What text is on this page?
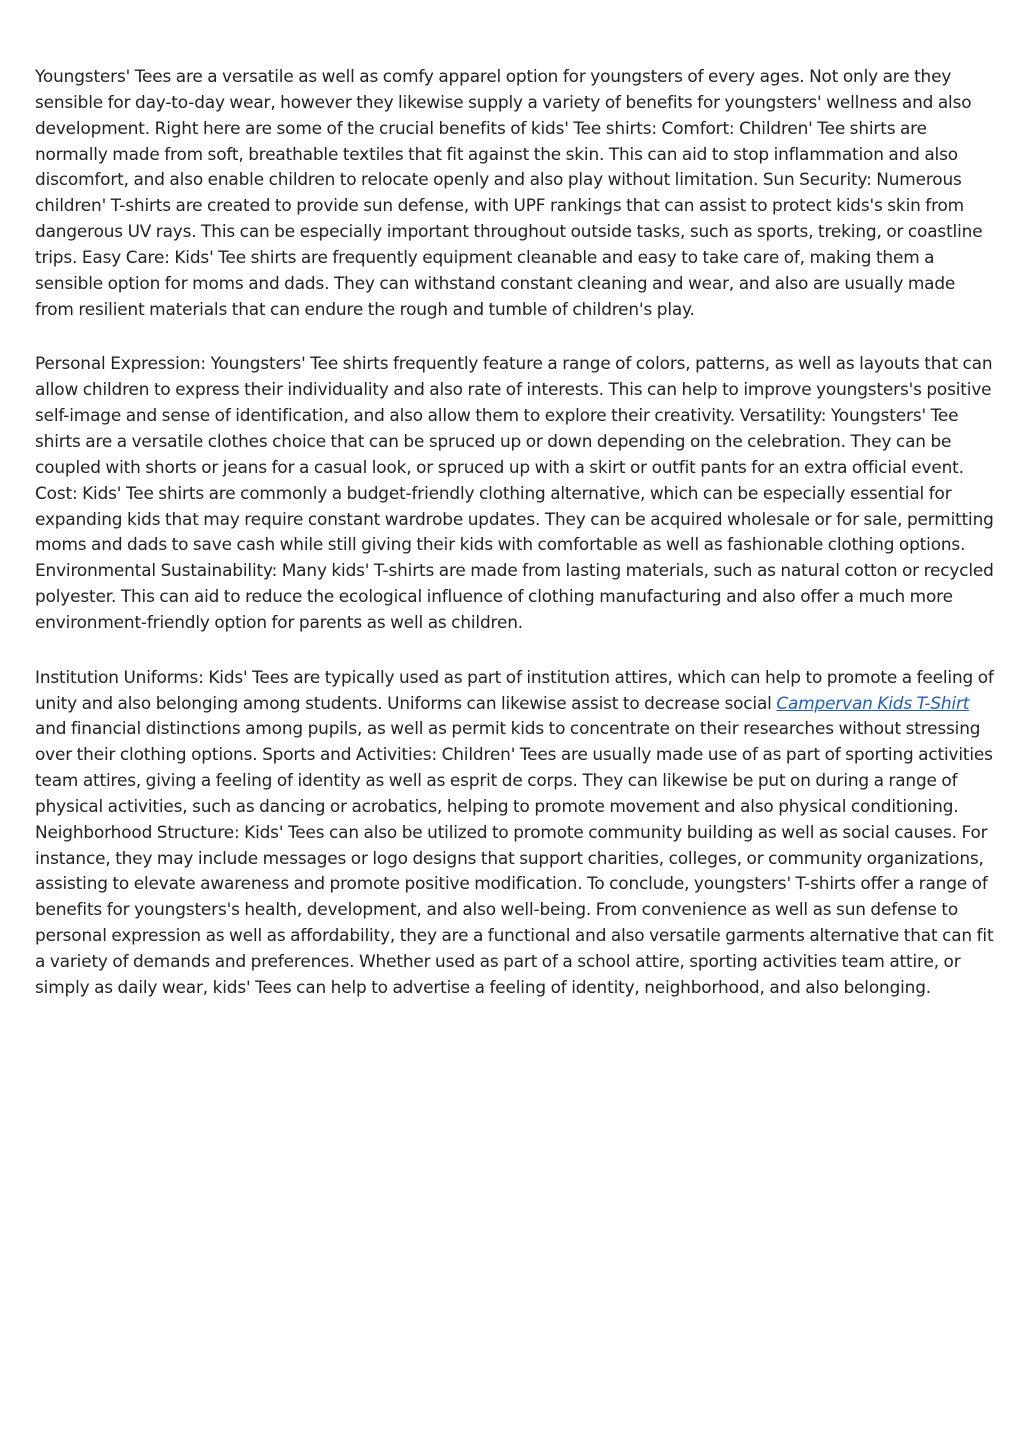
Youngsters' Tees are a versatile as well as comfy apparel option for youngsters of every ages. Not only are they sensible for day-to-day wear, however they likewise supply a variety of benefits for youngsters' wellness and also development. Right here are some of the crucial benefits of kids' Tee shirts: Comfort: Children' Tee shirts are normally made from soft, breathable textiles that fit against the skin. This can aid to stop inflammation and also discomfort, and also enable children to relocate openly and also play without limitation. Sun Security: Numerous children' T-shirts are created to provide sun defense, with UPF rankings that can assist to protect kids's skin from dangerous UV rays. This can be especially important throughout outside tasks, such as sports, treking, or coastline trips. Easy Care: Kids' Tee shirts are frequently equipment cleanable and easy to take care of, making them a sensible option for moms and dads. They can withstand constant cleaning and wear, and also are usually made from resilient materials that can endure the rough and tumble of children's play.

Personal Expression: Youngsters' Tee shirts frequently feature a range of colors, patterns, as well as layouts that can allow children to express their individuality and also rate of interests. This can help to improve youngsters's positive self-image and sense of identification, and also allow them to explore their creativity. Versatility: Youngsters' Tee shirts are a versatile clothes choice that can be spruced up or down depending on the celebration. They can be coupled with shorts or jeans for a casual look, or spruced up with a skirt or outfit pants for an extra official event. Cost: Kids' Tee shirts are commonly a budget-friendly clothing alternative, which can be especially essential for expanding kids that may require constant wardrobe updates. They can be acquired wholesale or for sale, permitting moms and dads to save cash while still giving their kids with comfortable as well as fashionable clothing options. Environmental Sustainability: Many kids' T-shirts are made from lasting materials, such as natural cotton or recycled polyester. This can aid to reduce the ecological influence of clothing manufacturing and also offer a much more environment-friendly option for parents as well as children.

Institution Uniforms: Kids' Tees are typically used as part of institution attires, which can help to promote a feeling of unity and also belonging among students. Uniforms can likewise assist to decrease social Campervan Kids T-Shirt and financial distinctions among pupils, as well as permit kids to concentrate on their researches without stressing over their clothing options. Sports and Activities: Children' Tees are usually made use of as part of sporting activities team attires, giving a feeling of identity as well as esprit de corps. They can likewise be put on during a range of physical activities, such as dancing or acrobatics, helping to promote movement and also physical conditioning. Neighborhood Structure: Kids' Tees can also be utilized to promote community building as well as social causes. For instance, they may include messages or logo designs that support charities, colleges, or community organizations, assisting to elevate awareness and promote positive modification. To conclude, youngsters' T-shirts offer a range of benefits for youngsters's health, development, and also well-being. From convenience as well as sun defense to personal expression as well as affordability, they are a functional and also versatile garments alternative that can fit a variety of demands and preferences. Whether used as part of a school attire, sporting activities team attire, or simply as daily wear, kids' Tees can help to advertise a feeling of identity, neighborhood, and also belonging.
